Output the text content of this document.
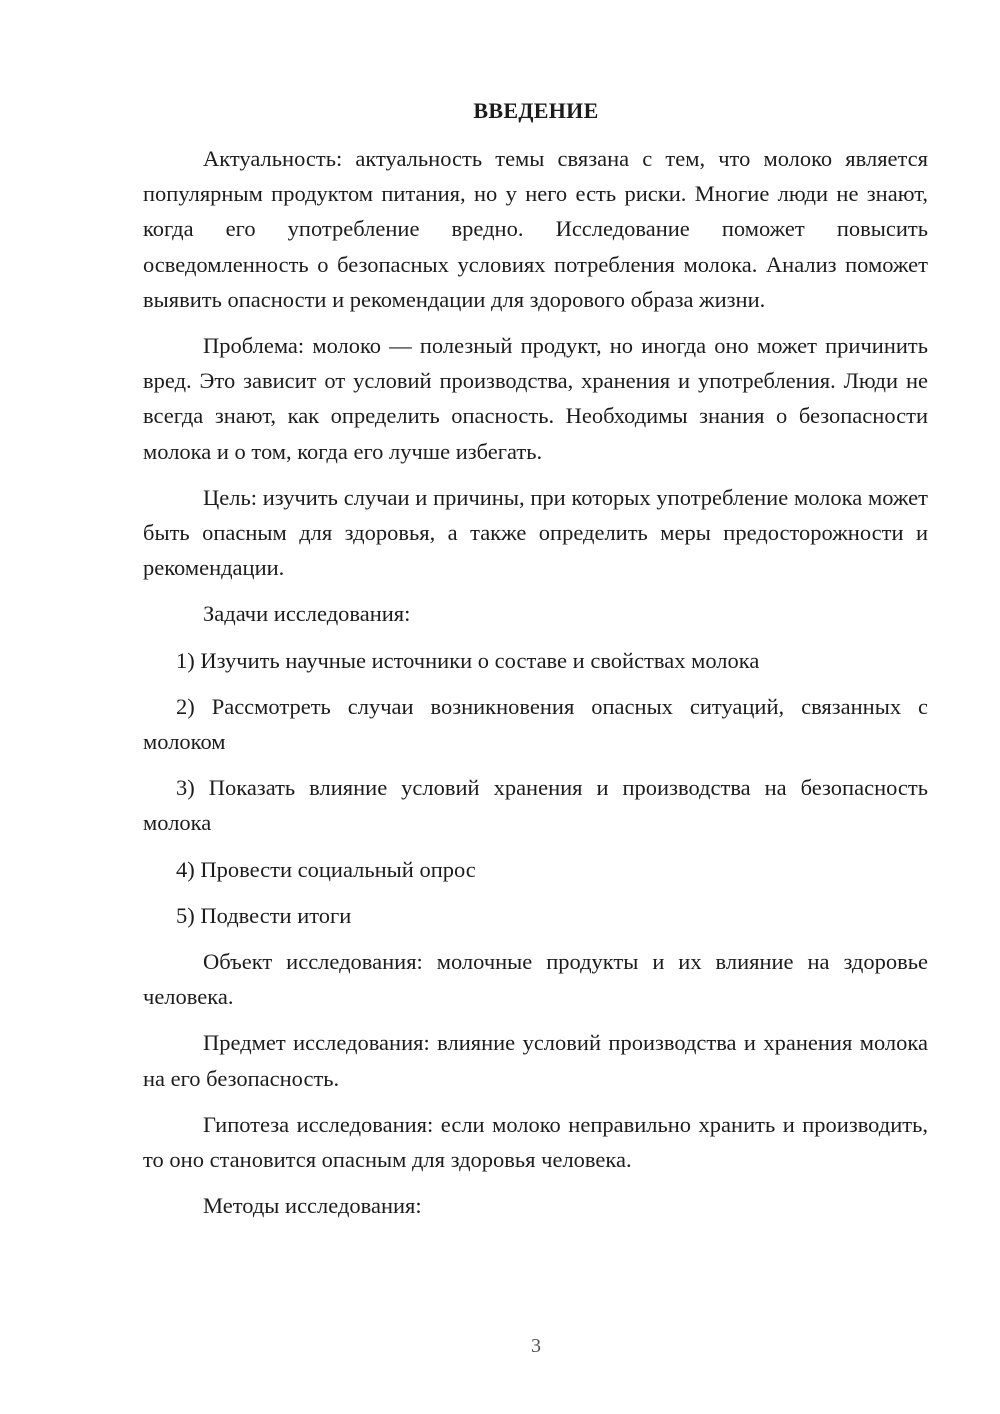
ВВЕДЕНИЕ

Актуальность: актуальность темы связана с тем, что молоко является популярным продуктом питания, но у него есть риски. Многие люди не знают, когда его употребление вредно. Исследование поможет повысить осведомленность о безопасных условиях потребления молока. Анализ поможет выявить опасности и рекомендации для здорового образа жизни.

Проблема: молоко — полезный продукт, но иногда оно может причинить вред. Это зависит от условий производства, хранения и употребления. Люди не всегда знают, как определить опасность. Необходимы знания о безопасности молока и о том, когда его лучше избегать.

Цель: изучить случаи и причины, при которых употребление молока может быть опасным для здоровья, а также определить меры предосторожности и рекомендации.

Задачи исследования:

1) Изучить научные источники о составе и свойствах молока

2) Рассмотреть случаи возникновения опасных ситуаций, связанных с молоком

3) Показать влияние условий хранения и производства на безопасность молока

4) Провести социальный опрос

5) Подвести итоги

Объект исследования: молочные продукты и их влияние на здоровье человека.

Предмет исследования: влияние условий производства и хранения молока на его безопасность.

Гипотеза исследования: если молоко неправильно хранить и производить, то оно становится опасным для здоровья человека.

Методы исследования:

3
